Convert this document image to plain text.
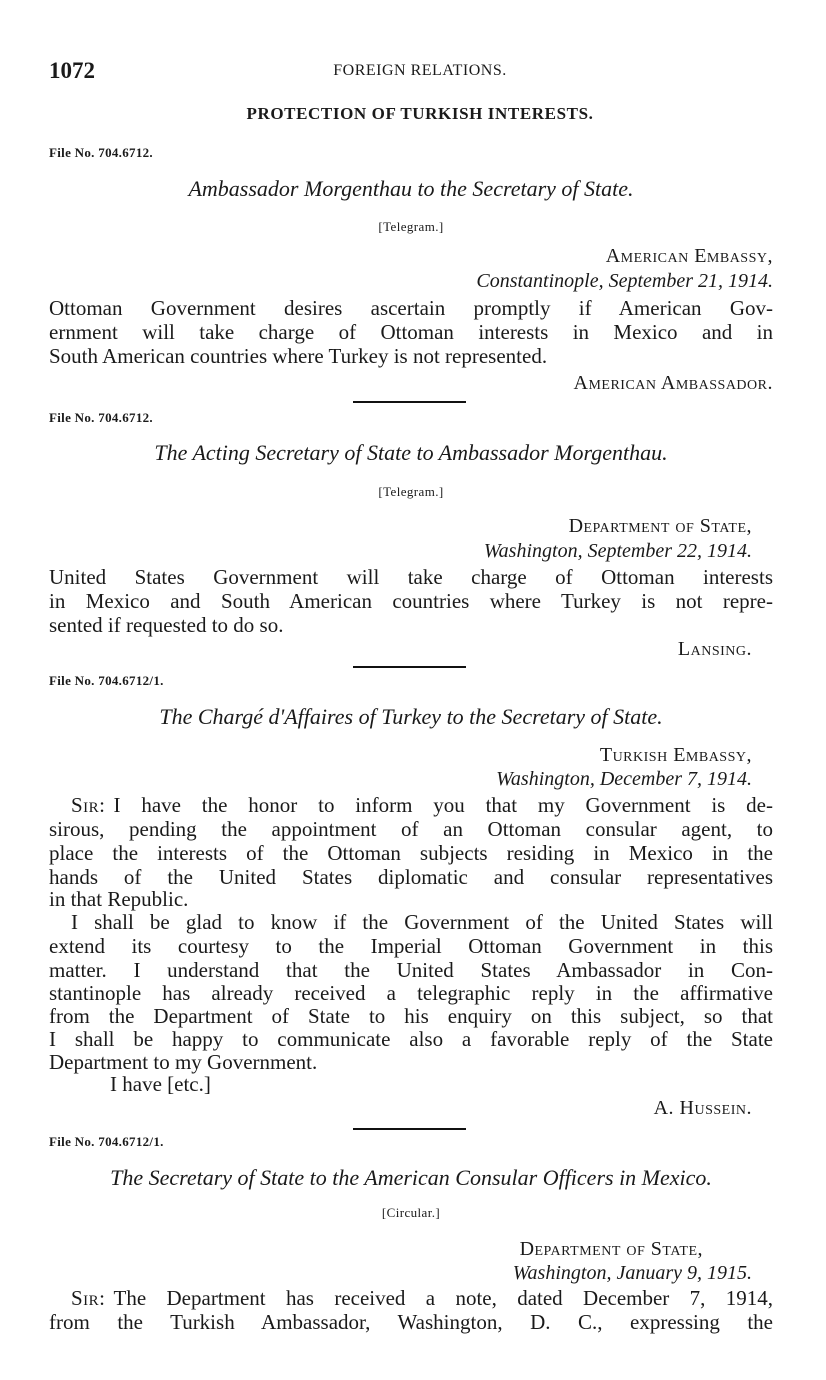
1072	FOREIGN RELATIONS.
PROTECTION OF TURKISH INTERESTS.
File No. 704.6712.
Ambassador Morgenthau to the Secretary of State.
[Telegram.]
American Embassy,
Constantinople, September 21, 1914.
Ottoman Government desires ascertain promptly if American Gov-
ernment will take charge of Ottoman interests in Mexico and in
South American countries where Turkey is not represented.
American Ambassador.
File No. 704.6712.
The Acting Secretary of State to Ambassador Morgenthau.
[Telegram.]
Department of State,
Washington, September 22, 1914.
United States Government will take charge of Ottoman interests
in Mexico and South American countries where Turkey is not repre-
sented if requested to do so.
Lansing.
File No. 704.6712/1.
The Chargé d'Affaires of Turkey to the Secretary of State.
Turkish Embassy,
Washington, December 7, 1914.
Sir: I have the honor to inform you that my Government is de-
sirous, pending the appointment of an Ottoman consular agent, to
place the interests of the Ottoman subjects residing in Mexico in the
hands of the United States diplomatic and consular representatives
in that Republic.
I shall be glad to know if the Government of the United States will
extend its courtesy to the Imperial Ottoman Government in this
matter. I understand that the United States Ambassador in Con-
stantinople has already received a telegraphic reply in the affirmative
from the Department of State to his enquiry on this subject, so that
I shall be happy to communicate also a favorable reply of the State
Department to my Government.
I have [etc.]
A. Hussein.
File No. 704.6712/1.
The Secretary of State to the American Consular Officers in Mexico.
[Circular.]
Department of State,
Washington, January 9, 1915.
Sir: The Department has received a note, dated December 7, 1914,
from the Turkish Ambassador, Washington, D. C., expressing the
